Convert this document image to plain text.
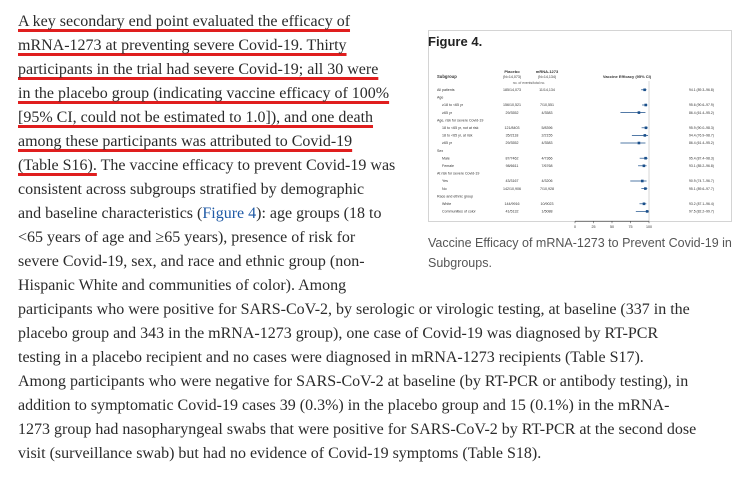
A key secondary end point evaluated the efficacy of
mRNA-1273 at preventing severe Covid-19. Thirty
participants in the trial had severe Covid-19; all 30 were
in the placebo group (indicating vaccine efficacy of 100%
[95% CI, could not be estimated to 1.0]), and one death
among these participants was attributed to Covid-19
(Table S16). The vaccine efficacy to prevent Covid-19 was
consistent across subgroups stratified by demographic
and baseline characteristics (Figure 4): age groups (18 to
<65 years of age and ≥65 years), presence of risk for
severe Covid-19, sex, and race and ethnic group (non-
Hispanic White and communities of color). Among
participants who were positive for SARS-CoV-2, by serologic or virologic testing, at baseline (337 in the
placebo group and 343 in the mRNA-1273 group), one case of Covid-19 was diagnosed by RT-PCR
testing in a placebo recipient and no cases were diagnosed in mRNA-1273 recipients (Table S17).
Among participants who were negative for SARS-CoV-2 at baseline (by RT-PCR or antibody testing), in
addition to symptomatic Covid-19 cases 39 (0.3%) in the placebo group and 15 (0.1%) in the mRNA-
1273 group had nasopharyngeal swabs that were positive for SARS-CoV-2 by RT-PCR at the second dose
visit (surveillance swab) but had no evidence of Covid-19 symptoms (Table S18).
Subgroup
Placebo
(N=14,073)
mRNA-1273
(N=14,134)	Vaccine Efficacy (95% CI)
no. of events/total no.
All patients	185/14,073	11/14,134	94.1 (89.3–96.8)
Age
≥18 to <65 yr	156/10,521	7/10,551	95.6 (90.6–97.9)
≥65 yr	29/3552	4/3583	86.4 (61.4–95.2)
Age, risk for severe Covid-19
18 to <65 yr, not at risk	121/8403	5/8396	95.9 (90.0–98.3)
18 to <65 yr, at risk	35/2118	2/2155	94.4 (76.9–98.7)
≥65 yr	29/3552	4/3583	86.4 (61.4–95.2)
Sex
Male	87/7462	4/7366	95.4 (87.4–98.3)
Female	98/6611	7/6768	93.1 (85.2–96.8)
At risk for severe Covid-19
Yes	43/3167	4/3206	90.9 (74.7–96.7)
No	142/10,906	7/10,928	95.1 (89.6–97.7)
Race and ethnic group
White	144/9916	10/9023	93.2 (87.1–96.4)
Communities of color	41/5132	1/5088	97.5 (82.2–99.7)
0	25	50	75	100
Figure 4.
Vaccine Efficacy of mRNA-1273 to Prevent Covid-19 in Subgroups.
